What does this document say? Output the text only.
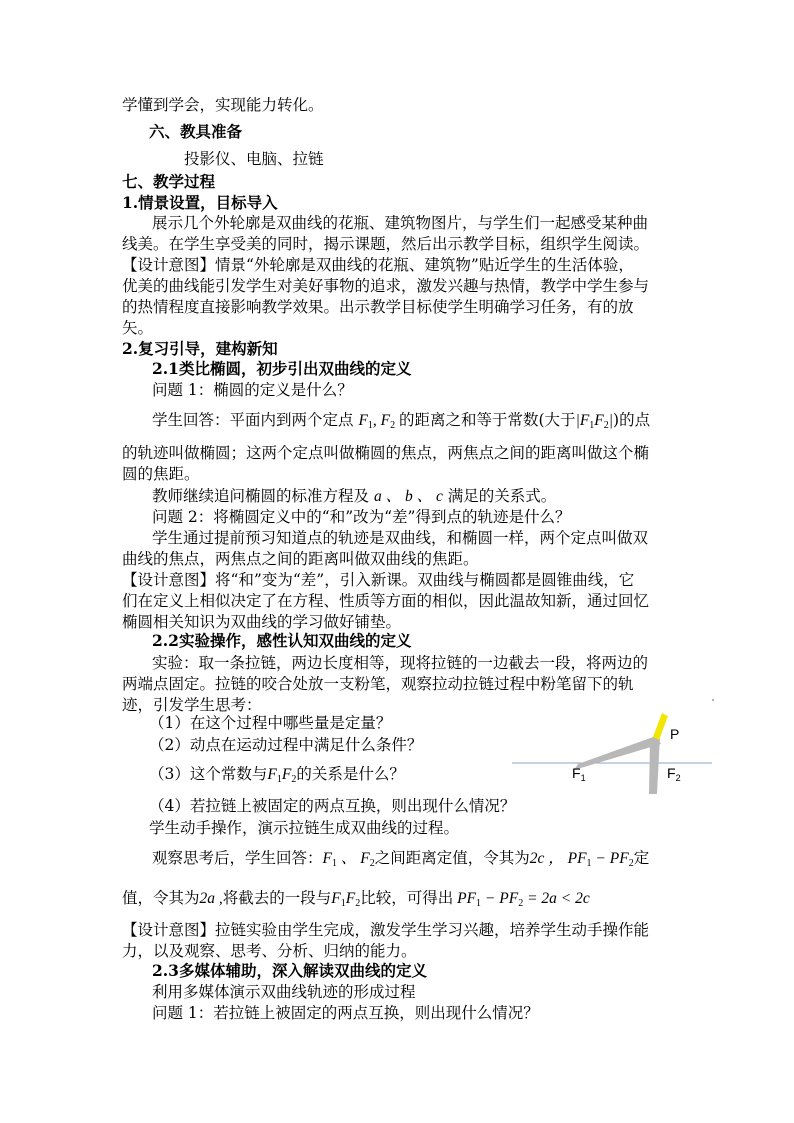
学懂到学会，实现能力转化。
六、教具准备
投影仪、电脑、拉链
七、教学过程
1.情景设置，目标导入
展示几个外轮廓是双曲线的花瓶、建筑物图片，与学生们一起感受某种曲
线美。在学生享受美的同时，揭示课题，然后出示教学目标，组织学生阅读。
【设计意图】情景“外轮廓是双曲线的花瓶、建筑物”贴近学生的生活体验，
优美的曲线能引发学生对美好事物的追求，激发兴趣与热情，教学中学生参与
的热情程度直接影响教学效果。出示教学目标使学生明确学习任务，有的放
矢。
2.复习引导，建构新知
2.1类比椭圆，初步引出双曲线的定义
问题 1：椭圆的定义是什么？
学生回答：平面内到两个定点 $F_1$, $F_2$ 的距离之和等于常数(大于$|F_1F_2|$)的点
的轨迹叫做椭圆；这两个定点叫做椭圆的焦点，两焦点之间的距离叫做这个椭
圆的焦距。
教师继续追问椭圆的标准方程及 a 、 b 、 c 满足的关系式。
问题 2：将椭圆定义中的“和”改为“差”得到点的轨迹是什么？
学生通过提前预习知道点的轨迹是双曲线，和椭圆一样，两个定点叫做双
曲线的焦点，两焦点之间的距离叫做双曲线的焦距。
【设计意图】将“和”变为“差”，引入新课。双曲线与椭圆都是圆锥曲线，它
们在定义上相似决定了在方程、性质等方面的相似，因此温故知新，通过回忆
椭圆相关知识为双曲线的学习做好铺垫。
2.2实验操作，感性认知双曲线的定义
实验：取一条拉链，两边长度相等，现将拉链的一边截去一段，将两边的
两端点固定。拉链的咬合处放一支粉笔，观察拉动拉链过程中粉笔留下的轨
迹，引发学生思考：
（1）在这个过程中哪些量是定量？
（2）动点在运动过程中满足什么条件？
（3）这个常数与$F_1F_2$的关系是什么？
（4）若拉链上被固定的两点互换，则出现什么情况？
学生动手操作，演示拉链生成双曲线的过程。
观察思考后，学生回答：$F_1$ 、 $F_2$之间距离定值，令其为2c ， $PF_1 - PF_2$定
值，令其为2a ,将截去的一段与$F_1F_2$比较，可得出 $PF_1 - PF_2 = 2a < 2c$
【设计意图】拉链实验由学生完成，激发学生学习兴趣，培养学生动手操作能
力，以及观察、思考、分析、归纳的能力。
2.3多媒体辅助，深入解读双曲线的定义
利用多媒体演示双曲线轨迹的形成过程
问题 1：若拉链上被固定的两点互换，则出现什么情况？
P
$F_1$	$F_2$
